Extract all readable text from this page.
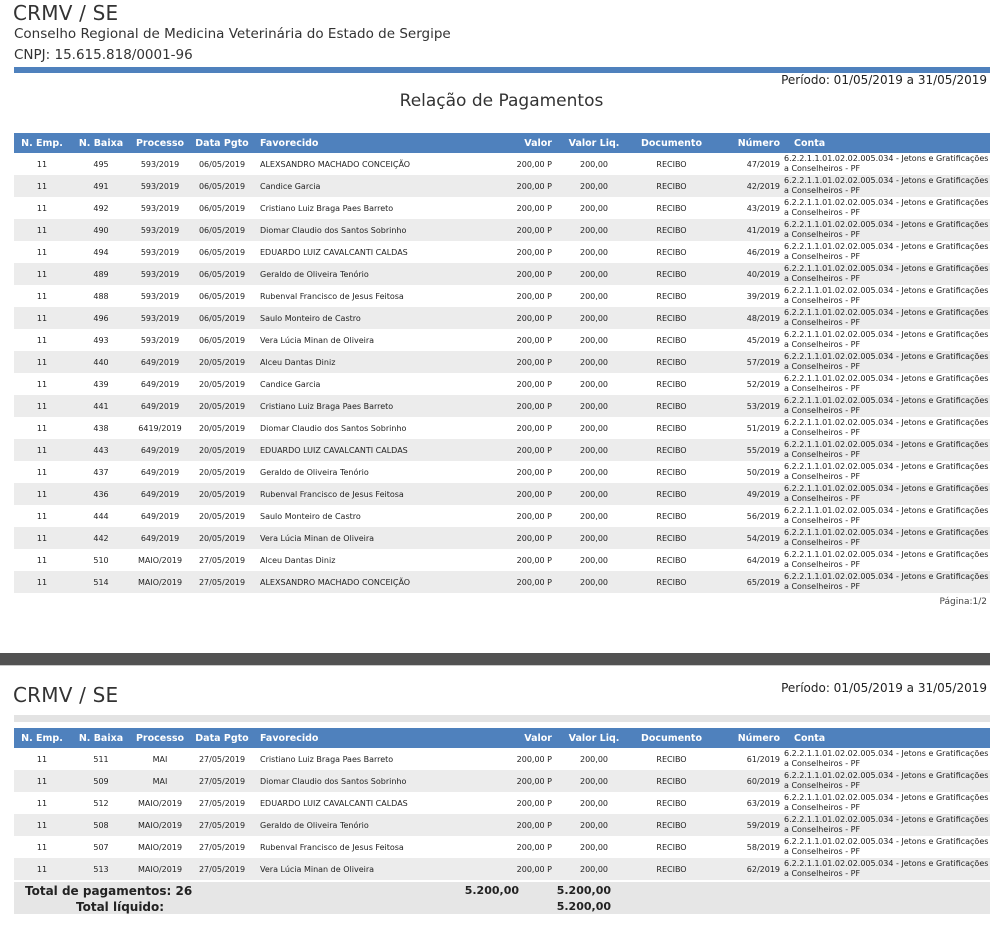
CRMV / SE
Conselho Regional de Medicina Veterinária do Estado de Sergipe
CNPJ: 15.615.818/0001-96
Período: 01/05/2019 a 31/05/2019
Relação de Pagamentos
N. Emp.	N. Baixa	Processo	Data Pgto	Favorecido	Valor	Valor Liq.	Documento	Número	Conta
11	495	593/2019	06/05/2019	ALEXSANDRO MACHADO CONCEIÇÃO	200,00 P	200,00	RECIBO	47/2019	6.2.2.1.1.01.02.02.005.034 - Jetons e Gratificações a Conselheiros - PF
11	491	593/2019	06/05/2019	Candice Garcia	200,00 P	200,00	RECIBO	42/2019	6.2.2.1.1.01.02.02.005.034 - Jetons e Gratificações a Conselheiros - PF
11	492	593/2019	06/05/2019	Cristiano Luiz Braga Paes Barreto	200,00 P	200,00	RECIBO	43/2019	6.2.2.1.1.01.02.02.005.034 - Jetons e Gratificações a Conselheiros - PF
11	490	593/2019	06/05/2019	Diomar Claudio dos Santos Sobrinho	200,00 P	200,00	RECIBO	41/2019	6.2.2.1.1.01.02.02.005.034 - Jetons e Gratificações a Conselheiros - PF
11	494	593/2019	06/05/2019	EDUARDO LUIZ CAVALCANTI CALDAS	200,00 P	200,00	RECIBO	46/2019	6.2.2.1.1.01.02.02.005.034 - Jetons e Gratificações a Conselheiros - PF
11	489	593/2019	06/05/2019	Geraldo de Oliveira Tenório	200,00 P	200,00	RECIBO	40/2019	6.2.2.1.1.01.02.02.005.034 - Jetons e Gratificações a Conselheiros - PF
11	488	593/2019	06/05/2019	Rubenval Francisco de Jesus Feitosa	200,00 P	200,00	RECIBO	39/2019	6.2.2.1.1.01.02.02.005.034 - Jetons e Gratificações a Conselheiros - PF
11	496	593/2019	06/05/2019	Saulo Monteiro de Castro	200,00 P	200,00	RECIBO	48/2019	6.2.2.1.1.01.02.02.005.034 - Jetons e Gratificações a Conselheiros - PF
11	493	593/2019	06/05/2019	Vera Lúcia Minan de Oliveira	200,00 P	200,00	RECIBO	45/2019	6.2.2.1.1.01.02.02.005.034 - Jetons e Gratificações a Conselheiros - PF
11	440	649/2019	20/05/2019	Alceu Dantas Diniz	200,00 P	200,00	RECIBO	57/2019	6.2.2.1.1.01.02.02.005.034 - Jetons e Gratificações a Conselheiros - PF
11	439	649/2019	20/05/2019	Candice Garcia	200,00 P	200,00	RECIBO	52/2019	6.2.2.1.1.01.02.02.005.034 - Jetons e Gratificações a Conselheiros - PF
11	441	649/2019	20/05/2019	Cristiano Luiz Braga Paes Barreto	200,00 P	200,00	RECIBO	53/2019	6.2.2.1.1.01.02.02.005.034 - Jetons e Gratificações a Conselheiros - PF
11	438	6419/2019	20/05/2019	Diomar Claudio dos Santos Sobrinho	200,00 P	200,00	RECIBO	51/2019	6.2.2.1.1.01.02.02.005.034 - Jetons e Gratificações a Conselheiros - PF
11	443	649/2019	20/05/2019	EDUARDO LUIZ CAVALCANTI CALDAS	200,00 P	200,00	RECIBO	55/2019	6.2.2.1.1.01.02.02.005.034 - Jetons e Gratificações a Conselheiros - PF
11	437	649/2019	20/05/2019	Geraldo de Oliveira Tenório	200,00 P	200,00	RECIBO	50/2019	6.2.2.1.1.01.02.02.005.034 - Jetons e Gratificações a Conselheiros - PF
11	436	649/2019	20/05/2019	Rubenval Francisco de Jesus Feitosa	200,00 P	200,00	RECIBO	49/2019	6.2.2.1.1.01.02.02.005.034 - Jetons e Gratificações a Conselheiros - PF
11	444	649/2019	20/05/2019	Saulo Monteiro de Castro	200,00 P	200,00	RECIBO	56/2019	6.2.2.1.1.01.02.02.005.034 - Jetons e Gratificações a Conselheiros - PF
11	442	649/2019	20/05/2019	Vera Lúcia Minan de Oliveira	200,00 P	200,00	RECIBO	54/2019	6.2.2.1.1.01.02.02.005.034 - Jetons e Gratificações a Conselheiros - PF
11	510	MAIO/2019	27/05/2019	Alceu Dantas Diniz	200,00 P	200,00	RECIBO	64/2019	6.2.2.1.1.01.02.02.005.034 - Jetons e Gratificações a Conselheiros - PF
11	514	MAIO/2019	27/05/2019	ALEXSANDRO MACHADO CONCEIÇÃO	200,00 P	200,00	RECIBO	65/2019	6.2.2.1.1.01.02.02.005.034 - Jetons e Gratificações a Conselheiros - PF
Página:1/2
CRMV / SE	Período: 01/05/2019 a 31/05/2019
N. Emp.	N. Baixa	Processo	Data Pgto	Favorecido	Valor	Valor Liq.	Documento	Número	Conta
11	511	MAI	27/05/2019	Cristiano Luiz Braga Paes Barreto	200,00 P	200,00	RECIBO	61/2019	6.2.2.1.1.01.02.02.005.034 - Jetons e Gratificações a Conselheiros - PF
11	509	MAI	27/05/2019	Diomar Claudio dos Santos Sobrinho	200,00 P	200,00	RECIBO	60/2019	6.2.2.1.1.01.02.02.005.034 - Jetons e Gratificações a Conselheiros - PF
11	512	MAIO/2019	27/05/2019	EDUARDO LUIZ CAVALCANTI CALDAS	200,00 P	200,00	RECIBO	63/2019	6.2.2.1.1.01.02.02.005.034 - Jetons e Gratificações a Conselheiros - PF
11	508	MAIO/2019	27/05/2019	Geraldo de Oliveira Tenório	200,00 P	200,00	RECIBO	59/2019	6.2.2.1.1.01.02.02.005.034 - Jetons e Gratificações a Conselheiros - PF
11	507	MAIO/2019	27/05/2019	Rubenval Francisco de Jesus Feitosa	200,00 P	200,00	RECIBO	58/2019	6.2.2.1.1.01.02.02.005.034 - Jetons e Gratificações a Conselheiros - PF
11	513	MAIO/2019	27/05/2019	Vera Lúcia Minan de Oliveira	200,00 P	200,00	RECIBO	62/2019	6.2.2.1.1.01.02.02.005.034 - Jetons e Gratificações a Conselheiros - PF
Total de pagamentos: 26	5.200,00	5.200,00
Total líquido:	5.200,00
